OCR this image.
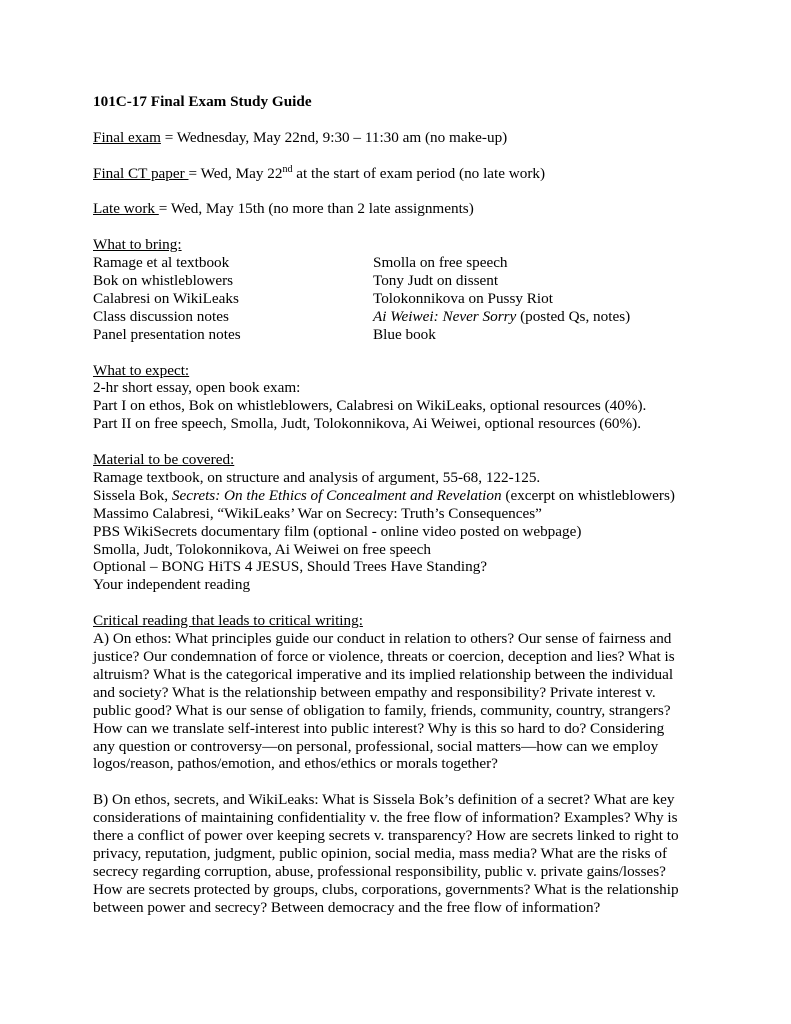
101C-17 Final Exam Study Guide

Final exam = Wednesday, May 22nd, 9:30 – 11:30 am (no make-up)

Final CT paper = Wed, May 22nd at the start of exam period (no late work)

Late work = Wed, May 15th (no more than 2 late assignments)

What to bring:

Ramage et al textbook

Bok on whistleblowers

Calabresi on WikiLeaks

Class discussion notes

Panel presentation notes

Smolla on free speech

Tony Judt on dissent

Tolokonnikova on Pussy Riot

Ai Weiwei: Never Sorry (posted Qs, notes)

Blue book

What to expect:

2-hr short essay, open book exam:

Part I on ethos, Bok on whistleblowers, Calabresi on WikiLeaks, optional resources (40%).

Part II on free speech, Smolla, Judt, Tolokonnikova, Ai Weiwei, optional resources (60%).

Material to be covered:

Ramage textbook, on structure and analysis of argument, 55-68, 122-125.

Sissela Bok, Secrets: On the Ethics of Concealment and Revelation (excerpt on whistleblowers)

Massimo Calabresi, “WikiLeaks’ War on Secrecy: Truth’s Consequences”

PBS WikiSecrets documentary film (optional - online video posted on webpage)

Smolla, Judt, Tolokonnikova, Ai Weiwei on free speech

Optional – BONG HiTS 4 JESUS, Should Trees Have Standing?

Your independent reading

Critical reading that leads to critical writing:

A) On ethos: What principles guide our conduct in relation to others? Our sense of fairness and

justice? Our condemnation of force or violence, threats or coercion, deception and lies? What is

altruism? What is the categorical imperative and its implied relationship between the individual

and society? What is the relationship between empathy and responsibility? Private interest v.

public good? What is our sense of obligation to family, friends, community, country, strangers?

How can we translate self-interest into public interest? Why is this so hard to do? Considering

any question or controversy—on personal, professional, social matters—how can we employ

logos/reason, pathos/emotion, and ethos/ethics or morals together?

B) On ethos, secrets, and WikiLeaks: What is Sissela Bok’s definition of a secret? What are key

considerations of maintaining confidentiality v. the free flow of information? Examples? Why is

there a conflict of power over keeping secrets v. transparency? How are secrets linked to right to

privacy, reputation, judgment, public opinion, social media, mass media? What are the risks of

secrecy regarding corruption, abuse, professional responsibility, public v. private gains/losses?

How are secrets protected by groups, clubs, corporations, governments? What is the relationship

between power and secrecy? Between democracy and the free flow of information?
